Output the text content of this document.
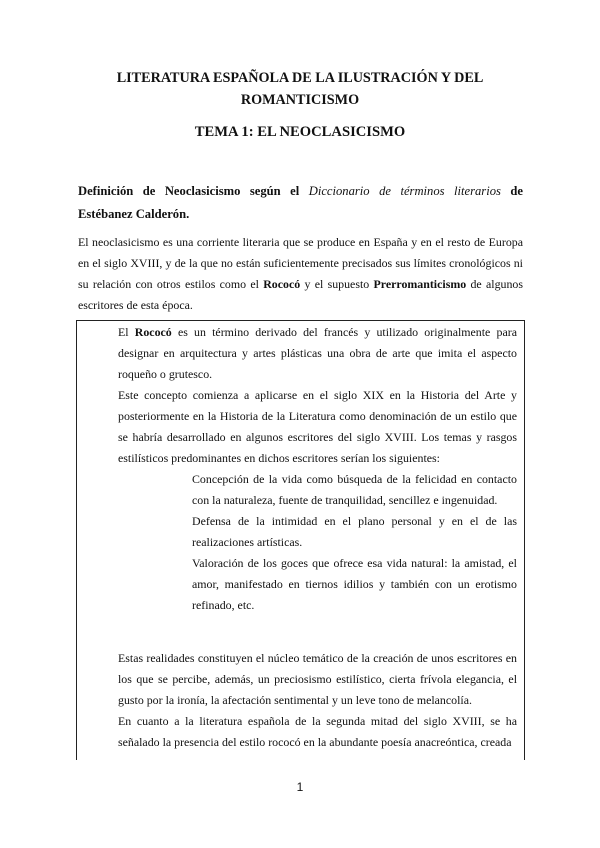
LITERATURA ESPAÑOLA DE LA ILUSTRACIÓN Y DEL ROMANTICISMO
TEMA 1: EL NEOCLASICISMO
Definición de Neoclasicismo según el Diccionario de términos literarios de Estébanez Calderón.
El neoclasicismo es una corriente literaria que se produce en España y en el resto de Europa en el siglo XVIII, y de la que no están suficientemente precisados sus límites cronológicos ni su relación con otros estilos como el Rococó y el supuesto Prerromanticismo de algunos escritores de esta época.

El Rococó es un término derivado del francés y utilizado originalmente para designar en arquitectura y artes plásticas una obra de arte que imita el aspecto roqueño o grutesco.

Este concepto comienza a aplicarse en el siglo XIX en la Historia del Arte y posteriormente en la Historia de la Literatura como denominación de un estilo que se habría desarrollado en algunos escritores del siglo XVIII. Los temas y rasgos estilísticos predominantes en dichos escritores serían los siguientes:

Concepción de la vida como búsqueda de la felicidad en contacto con la naturaleza, fuente de tranquilidad, sencillez e ingenuidad.

Defensa de la intimidad en el plano personal y en el de las realizaciones artísticas.

Valoración de los goces que ofrece esa vida natural: la amistad, el amor, manifestado en tiernos idilios y también con un erotismo refinado, etc.

Estas realidades constituyen el núcleo temático de la creación de unos escritores en los que se percibe, además, un preciosismo estilístico, cierta frívola elegancia, el gusto por la ironía, la afectación sentimental y un leve tono de melancolía.

En cuanto a la literatura española de la segunda mitad del siglo XVIII, se ha señalado la presencia del estilo rococó en la abundante poesía anacreóntica, creada

1
